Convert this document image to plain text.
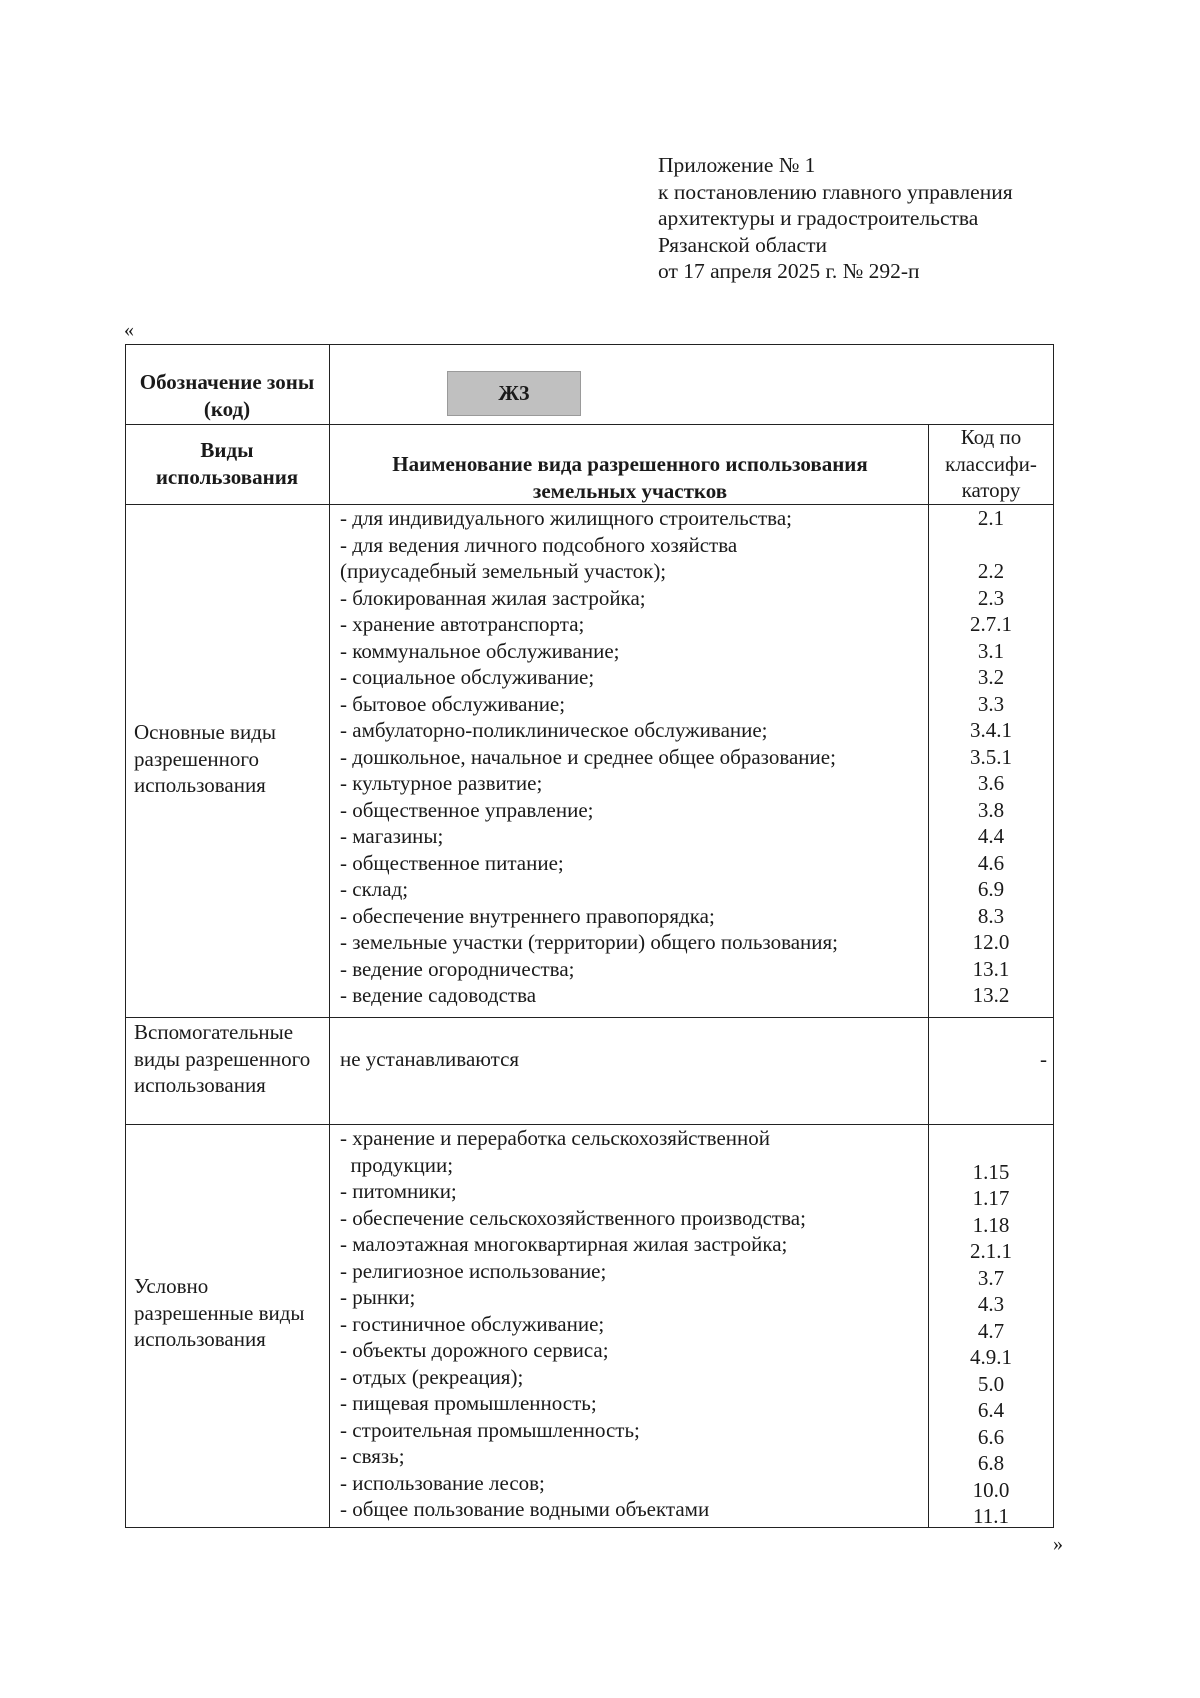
Приложение № 1
к постановлению главного управления
архитектуры и градостроительства
Рязанской области
от 17 апреля 2025 г. № 292-п
«
Обозначение зоны (код)
Ж3
Виды использования
Наименование вида разрешенного использования земельных участков
Код по классифи-катору
Основные виды разрешенного использования
- для индивидуального жилищного строительства;
- для ведения личного подсобного хозяйства
(приусадебный земельный участок);
- блокированная жилая застройка;
- хранение автотранспорта;
- коммунальное обслуживание;
- социальное обслуживание;
- бытовое обслуживание;
- амбулаторно-поликлиническое обслуживание;
- дошкольное, начальное и среднее общее образование;
- культурное развитие;
- общественное управление;
- магазины;
- общественное питание;
- склад;
- обеспечение внутреннего правопорядка;
- земельные участки (территории) общего пользования;
- ведение огородничества;
- ведение садоводства
2.1
2.2
2.3
2.7.1
3.1
3.2
3.3
3.4.1
3.5.1
3.6
3.8
4.4
4.6
6.9
8.3
12.0
13.1
13.2
Вспомогательные виды разрешенного использования
не устанавливаются	-
Условно разрешенные виды использования
- хранение и переработка сельскохозяйственной
продукции;
- питомники;
- обеспечение сельскохозяйственного производства;
- малоэтажная многоквартирная жилая застройка;
- религиозное использование;
- рынки;
- гостиничное обслуживание;
- объекты дорожного сервиса;
- отдых (рекреация);
- пищевая промышленность;
- строительная промышленность;
- связь;
- использование лесов;
- общее пользование водными объектами
1.15
1.17
1.18
2.1.1
3.7
4.3
4.7
4.9.1
5.0
6.4
6.6
6.8
10.0
11.1
»
